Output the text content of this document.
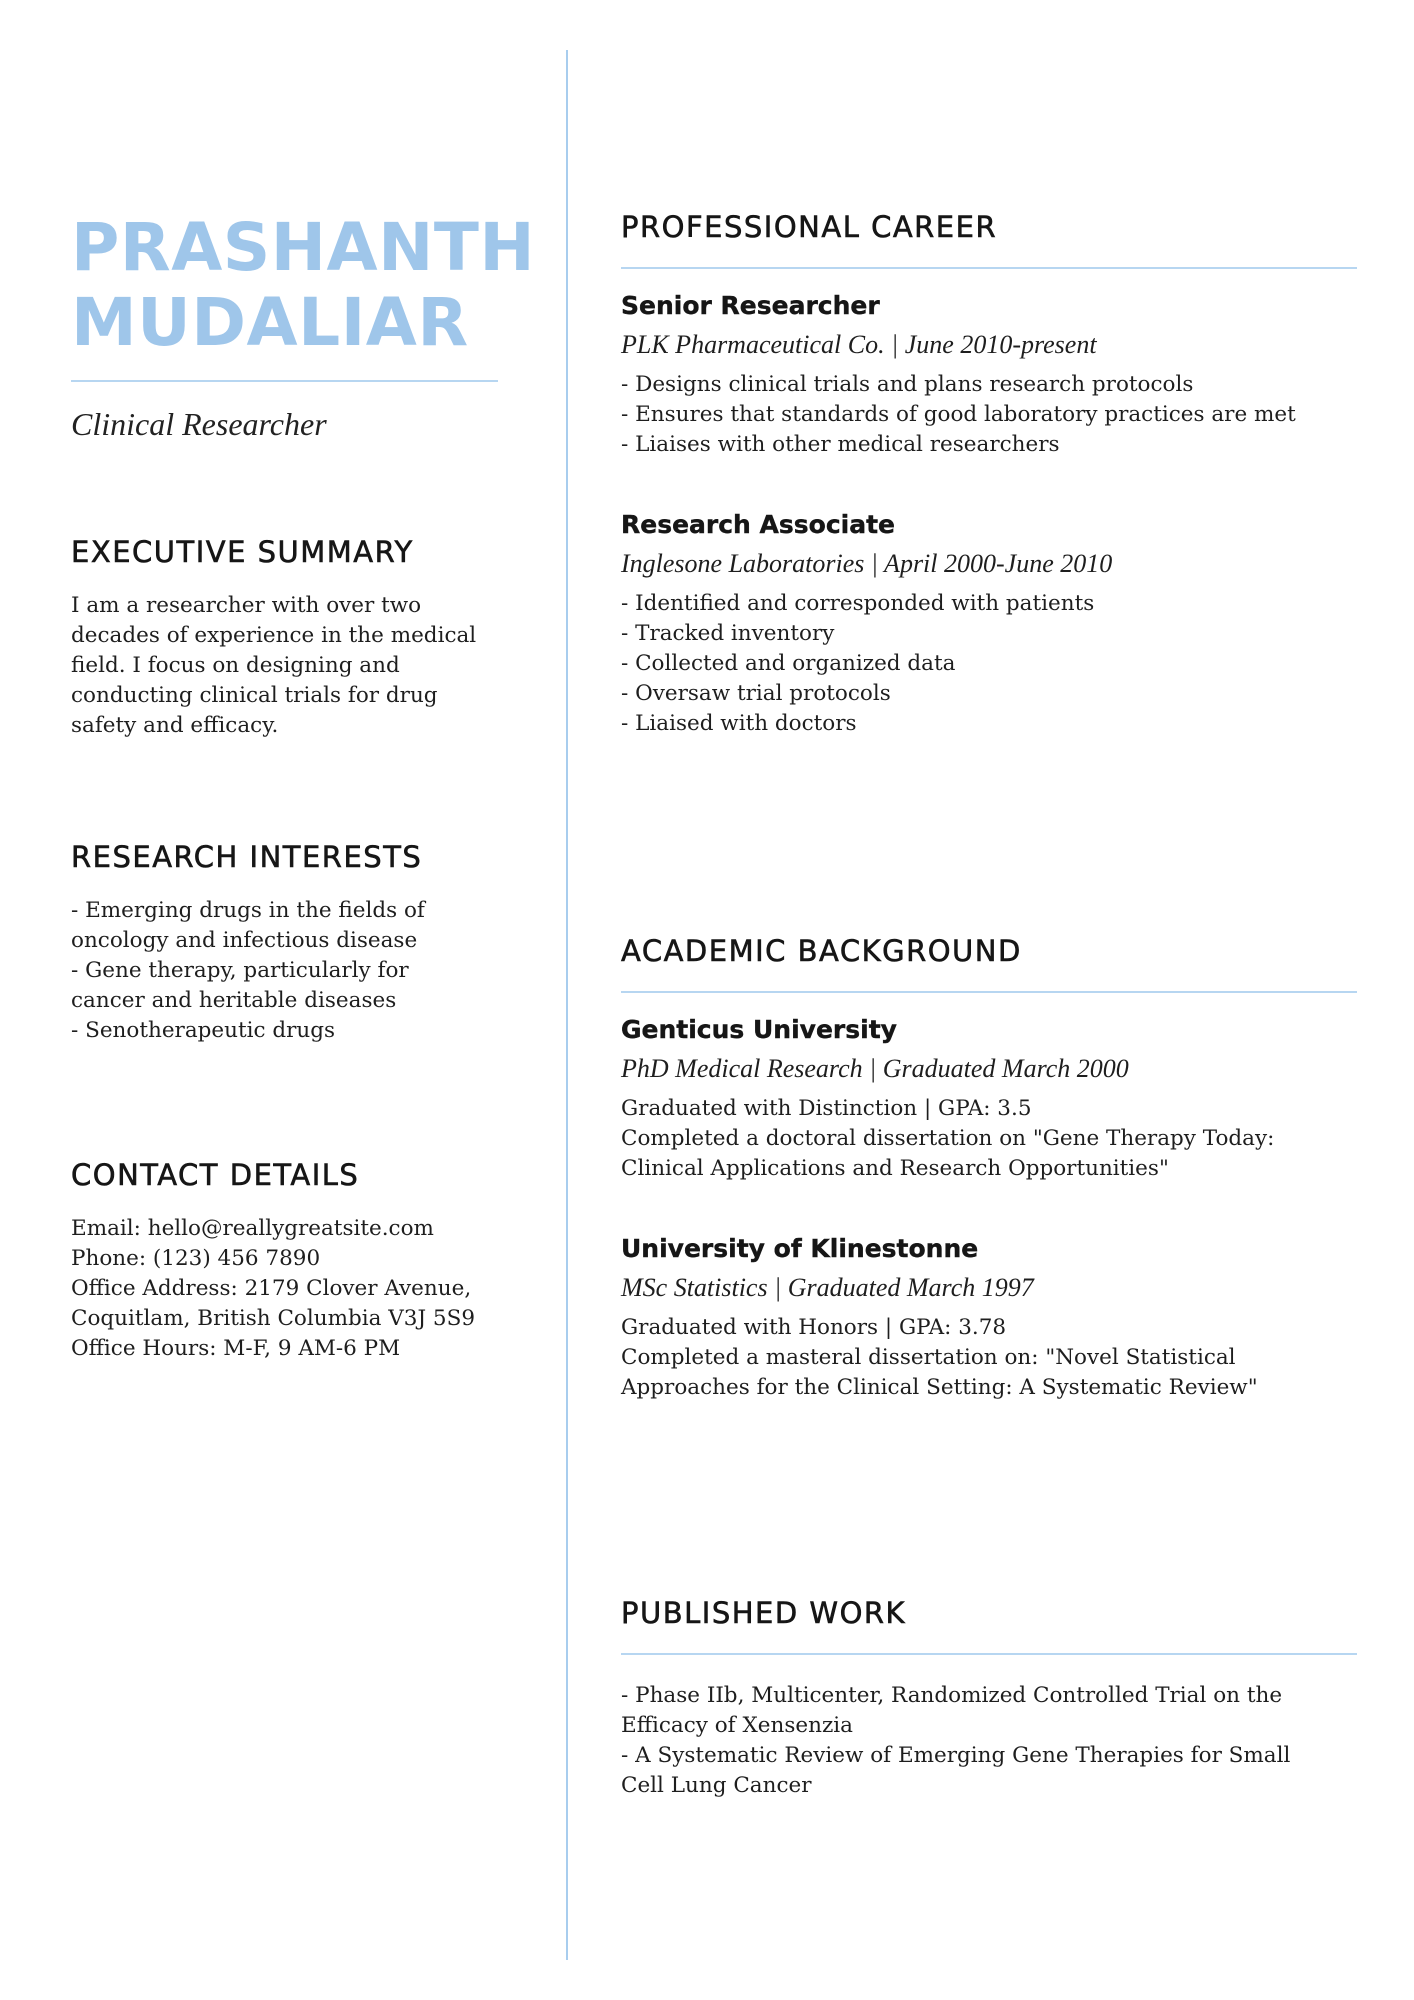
PRASHANTH
MUDALIAR
Clinical Researcher
EXECUTIVE SUMMARY

I am a researcher with over two

decades of experience in the medical

field. I focus on designing and

conducting clinical trials for drug

safety and efficacy.

RESEARCH INTERESTS

- Emerging drugs in the fields of

oncology and infectious disease

- Gene therapy, particularly for

cancer and heritable diseases

- Senotherapeutic drugs

CONTACT DETAILS

Email: hello@reallygreatsite.com

Phone: (123) 456 7890

Office Address: 2179 Clover Avenue,

Coquitlam, British Columbia V3J 5S9

Office Hours: M-F, 9 AM-6 PM

PROFESSIONAL CAREER
Senior Researcher

PLK Pharmaceutical Co. | June 2010-present

- Designs clinical trials and plans research protocols

- Ensures that standards of good laboratory practices are met

- Liaises with other medical researchers

Research Associate

Inglesone Laboratories | April 2000-June 2010

- Identified and corresponded with patients

- Tracked inventory

- Collected and organized data

- Oversaw trial protocols

- Liaised with doctors

ACADEMIC BACKGROUND
Genticus University

PhD Medical Research | Graduated March 2000

Graduated with Distinction | GPA: 3.5

Completed a doctoral dissertation on "Gene Therapy Today:

Clinical Applications and Research Opportunities"

University of Klinestonne

MSc Statistics | Graduated March 1997

Graduated with Honors | GPA: 3.78

Completed a masteral dissertation on: "Novel Statistical

Approaches for the Clinical Setting: A Systematic Review"

PUBLISHED WORK

- Phase IIb, Multicenter, Randomized Controlled Trial on the

Efficacy of Xensenzia

- A Systematic Review of Emerging Gene Therapies for Small

Cell Lung Cancer
